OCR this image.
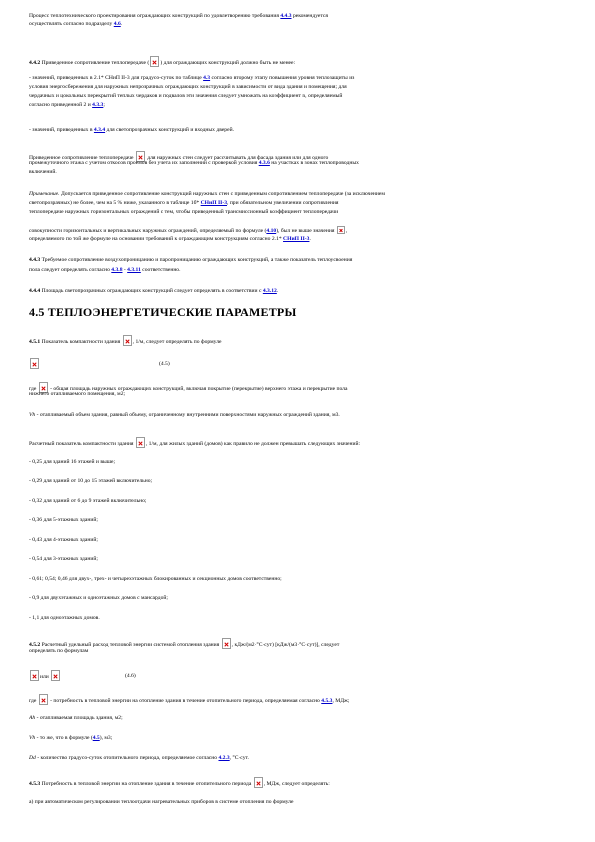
Процесс теплотехнического проектирования ограждающих конструкций по удовлетворению требования 4.4.3 рекомендуется
осуществлять согласно подразделу 4.6.
4.4.2 Приведенное сопротивление теплопередаче ( ) для ограждающих конструкций должно быть не менее:
- значений, приведенных в 2.1* СНиП II-3 для градусо-суток по таблице 4.3 согласно второму этапу повышения уровня теплозащиты из
условия энергосбережения для наружных непрозрачных ограждающих конструкций в зависимости от вида здания и помещения; для
чердачных и цокольных перекрытий теплых чердаков и подвалов эти значения следует умножать на коэффициент n, определяемый
согласно приведенной 2 и 4.3.3;
- значений, приведенных в 4.3.4 для светопрозрачных конструкций и входных дверей.
Приведенное сопротивление теплопередаче для наружных стен следует рассчитывать для фасада здания или для одного
промежуточного этажа с учетом откосов проемов без учета их заполнений с проверкой условия 4.3.6 на участках в зонах теплопроводных
включений.
Примечание. Допускается приведенное сопротивление конструкций наружных стен с приведенным сопротивлением теплопередаче (за исключением
светопрозрачных) не более, чем на 5 % ниже, указанного в таблице 1б* СНиП II-3, при обязательном увеличении сопротивления
теплопередаче наружных горизонтальных ограждений с тем, чтобы приведенный трансмиссионный коэффициент теплопередачи
совокупности горизонтальных и вертикальных наружных ограждений, определяемый по формуле (4.10), был не выше значения ,
определяемого по той же формуле на основании требований к ограждающим конструкциям согласно 2.1* СНиП II-3.
4.4.3 Требуемое сопротивление воздухопроницанию и паропроницанию ограждающих конструкций, а также показатель теплоусвоения
пола следует определять согласно 4.3.8 - 4.3.11 соответственно.
4.4.4 Площадь светопрозрачных ограждающих конструкций следует определять в соответствии с 4.3.12.
4.5 ТЕПЛОЭНЕРГЕТИЧЕСКИЕ ПАРАМЕТРЫ
4.5.1 Показатель компактности здания , 1/м, следует определять по формуле
(4.5)
где - общая площадь наружных ограждающих конструкций, включая покрытие (перекрытие) верхнего этажа и перекрытие пола
нижнего отапливаемого помещения, м2;
Vh - отапливаемый объем здания, равный объему, ограниченному внутренними поверхностями наружных ограждений здания, м3.
Расчетный показатель компактности здания , 1/м, для жилых зданий (домов) как правило не должен превышать следующих значений:
- 0,25 для зданий 16 этажей и выше;
- 0,29 для зданий от 10 до 15 этажей включительно;
- 0,32 для зданий от 6 до 9 этажей включительно;
- 0,36 для 5-этажных зданий;
- 0,43 для 4-этажных зданий;
- 0,54 для 3-этажных зданий;
- 0,61; 0,54; 0,46 для двух-, трех- и четырехэтажных блокированных и секционных домов соответственно;
- 0,9 для двухэтажных и одноэтажных домов с мансардой;
- 1,1 для одноэтажных домов.
4.5.2 Расчетный удельный расход тепловой энергии системой отопления здания , кДж/(м2·°С·сут) [кДж/(м3·°С·сут)], следует
определять по формулам
или	(4.6)
где - потребность в тепловой энергии на отопление здания в течение отопительного периода, определяемая согласно 4.5.3, МДж;
Ah - отапливаемая площадь здания, м2;
Vh - то же, что в формуле (4.5), м3;
Dd - количество градусо-суток отопительного периода, определяемое согласно 4.2.3, °С·сут.
4.5.3 Потребность в тепловой энергии на отопление здания в течение отопительного периода , МДж, следует определять:
а) при автоматическом регулировании теплоотдачи нагревательных приборов в системе отопления по формуле
